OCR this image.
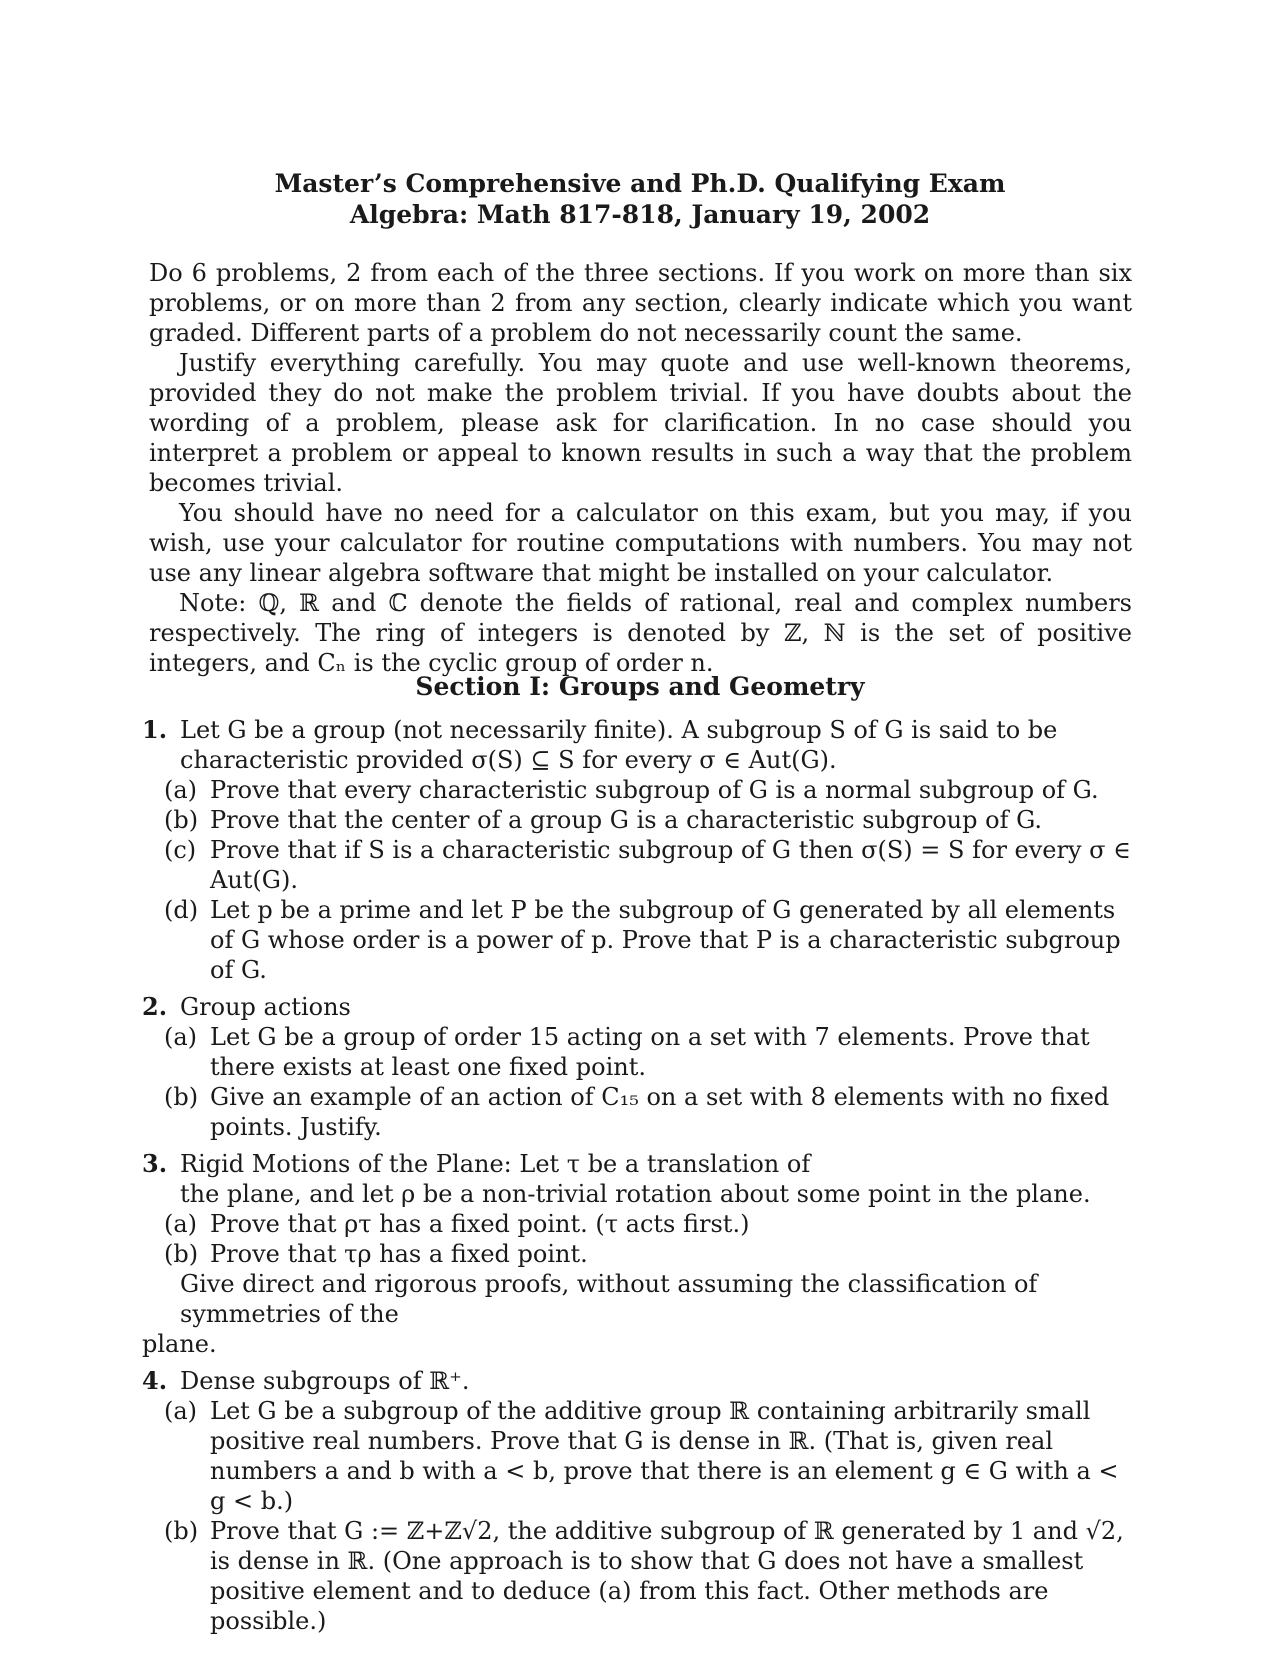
Master’s Comprehensive and Ph.D. Qualifying Exam
Algebra: Math 817-818, January 19, 2002

Do 6 problems, 2 from each of the three sections. If you work on more than six problems, or on more than 2 from any section, clearly indicate which you want graded. Different parts of a problem do not necessarily count the same.

Justify everything carefully. You may quote and use well-known theorems, provided they do not make the problem trivial. If you have doubts about the wording of a problem, please ask for clarification. In no case should you interpret a problem or appeal to known results in such a way that the problem becomes trivial.

You should have no need for a calculator on this exam, but you may, if you wish, use your calculator for routine computations with numbers. You may not use any linear algebra software that might be installed on your calculator.

Note: ℚ, ℝ and ℂ denote the fields of rational, real and complex numbers respectively. The ring of integers is denoted by ℤ, ℕ is the set of positive integers, and Cₙ is the cyclic group of order n.

Section I: Groups and Geometry
1. Let G be a group (not necessarily finite). A subgroup S of G is said to be characteristic provided σ(S) ⊆ S for every σ ∈ Aut(G).
(a) Prove that every characteristic subgroup of G is a normal subgroup of G.
(b) Prove that the center of a group G is a characteristic subgroup of G.
(c) Prove that if S is a characteristic subgroup of G then σ(S) = S for every σ ∈ Aut(G).
(d) Let p be a prime and let P be the subgroup of G generated by all elements of G whose order is a power of p. Prove that P is a characteristic subgroup of G.
2. Group actions
(a) Let G be a group of order 15 acting on a set with 7 elements. Prove that there exists at least one fixed point.
(b) Give an example of an action of C₁₅ on a set with 8 elements with no fixed points. Justify.
3. Rigid Motions of the Plane: Let τ be a translation of
the plane, and let ρ be a non-trivial rotation about some point in the plane.
(a) Prove that ρτ has a fixed point. (τ acts first.)
(b) Prove that τρ has a fixed point.
Give direct and rigorous proofs, without assuming the classification of symmetries of the
plane.
4. Dense subgroups of ℝ⁺.
(a) Let G be a subgroup of the additive group ℝ containing arbitrarily small positive real numbers. Prove that G is dense in ℝ. (That is, given real numbers a and b with a < b, prove that there is an element g ∈ G with a < g < b.)
(b) Prove that G := ℤ+ℤ√2, the additive subgroup of ℝ generated by 1 and √2, is dense in ℝ. (One approach is to show that G does not have a smallest positive element and to deduce (a) from this fact. Other methods are possible.)
